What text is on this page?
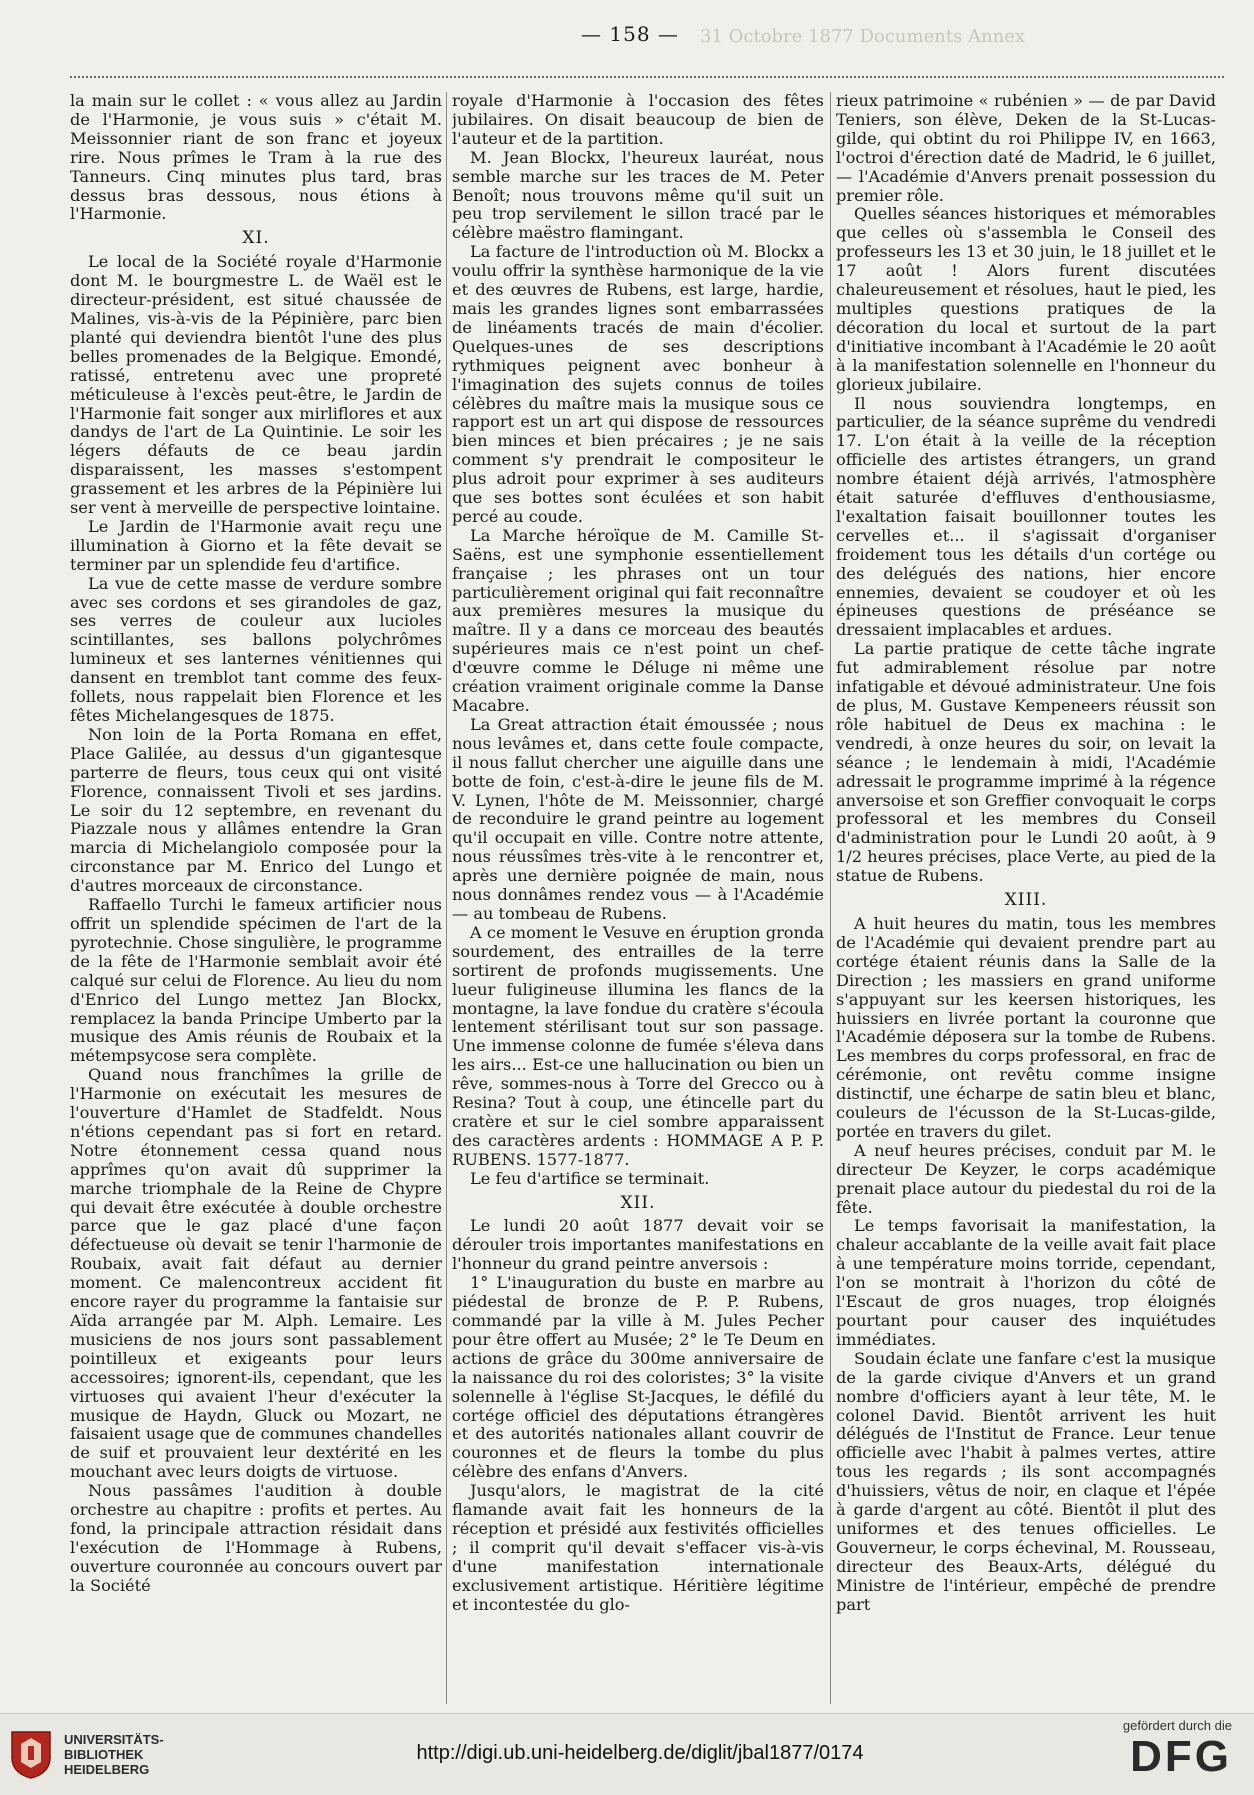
31 Octobre 1877 Documents Annex
— 158 —

la main sur le collet : « vous allez au Jardin de l'Harmonie, je vous suis » c'était M. Meissonnier riant de son franc et joyeux rire. Nous prîmes le Tram à la rue des Tanneurs. Cinq minutes plus tard, bras dessus bras dessous, nous étions à l'Harmonie.

XI.

Le local de la Société royale d'Harmonie dont M. le bourgmestre L. de Waël est le directeur-président, est situé chaussée de Malines, vis-à-vis de la Pépinière, parc bien planté qui deviendra bientôt l'une des plus belles promenades de la Belgique. Emondé, ratissé, entretenu avec une propreté méticuleuse à l'excès peut-être, le Jardin de l'Harmonie fait songer aux mirliflores et aux dandys de l'art de La Quintinie. Le soir les légers défauts de ce beau jardin disparaissent, les masses s'estompent grassement et les arbres de la Pépinière lui ser vent à merveille de perspective lointaine.

Le Jardin de l'Harmonie avait reçu une illumination à Giorno et la fête devait se terminer par un splendide feu d'artifice.

La vue de cette masse de verdure sombre avec ses cordons et ses girandoles de gaz, ses verres de couleur aux lucioles scintillantes, ses ballons polychrômes lumineux et ses lanternes vénitiennes qui dansent en tremblot tant comme des feux-follets, nous rappelait bien Florence et les fêtes Michelangesques de 1875.

Non loin de la Porta Romana en effet, Place Galilée, au dessus d'un gigantesque parterre de fleurs, tous ceux qui ont visité Florence, connaissent Tivoli et ses jardins. Le soir du 12 septembre, en revenant du Piazzale nous y allâmes entendre la Gran marcia di Michelangiolo composée pour la circonstance par M. Enrico del Lungo et d'autres morceaux de circonstance.

Raffaello Turchi le fameux artificier nous offrit un splendide spécimen de l'art de la pyrotechnie. Chose singulière, le programme de la fête de l'Harmonie semblait avoir été calqué sur celui de Florence. Au lieu du nom d'Enrico del Lungo mettez Jan Blockx, remplacez la banda Principe Umberto par la musique des Amis réunis de Roubaix et la métempsycose sera complète.

Quand nous franchîmes la grille de l'Harmonie on exécutait les mesures de l'ouverture d'Hamlet de Stadfeldt. Nous n'étions cependant pas si fort en retard. Notre étonnement cessa quand nous apprîmes qu'on avait dû supprimer la marche triomphale de la Reine de Chypre qui devait être exécutée à double orchestre parce que le gaz placé d'une façon défectueuse où devait se tenir l'harmonie de Roubaix, avait fait défaut au dernier moment. Ce malencontreux accident fit encore rayer du programme la fantaisie sur Aïda arrangée par M. Alph. Lemaire. Les musiciens de nos jours sont passablement pointilleux et exigeants pour leurs accessoires; ignorent-ils, cependant, que les virtuoses qui avaient l'heur d'exécuter la musique de Haydn, Gluck ou Mozart, ne faisaient usage que de communes chandelles de suif et prouvaient leur dextérité en les mouchant avec leurs doigts de virtuose.

Nous passâmes l'audition à double orchestre au chapitre : profits et pertes. Au fond, la principale attraction résidait dans l'exécution de l'Hommage à Rubens, ouverture couronnée au concours ouvert par la Société

royale d'Harmonie à l'occasion des fêtes jubilaires. On disait beaucoup de bien de l'auteur et de la partition.

M. Jean Blockx, l'heureux lauréat, nous semble marche sur les traces de M. Peter Benoît; nous trouvons même qu'il suit un peu trop servilement le sillon tracé par le célèbre maëstro flamingant.

La facture de l'introduction où M. Blockx a voulu offrir la synthèse harmonique de la vie et des œuvres de Rubens, est large, hardie, mais les grandes lignes sont embarrassées de linéaments tracés de main d'écolier. Quelques-unes de ses descriptions rythmiques peignent avec bonheur à l'imagination des sujets connus de toiles célèbres du maître mais la musique sous ce rapport est un art qui dispose de ressources bien minces et bien précaires ; je ne sais comment s'y prendrait le compositeur le plus adroit pour exprimer à ses auditeurs que ses bottes sont éculées et son habit percé au coude.

La Marche héroïque de M. Camille St-Saëns, est une symphonie essentiellement française ; les phrases ont un tour particulièrement original qui fait reconnaître aux premières mesures la musique du maître. Il y a dans ce morceau des beautés supérieures mais ce n'est point un chef-d'œuvre comme le Déluge ni même une création vraiment originale comme la Danse Macabre.

La Great attraction était émoussée ; nous nous levâmes et, dans cette foule compacte, il nous fallut chercher une aiguille dans une botte de foin, c'est-à-dire le jeune fils de M. V. Lynen, l'hôte de M. Meissonnier, chargé de reconduire le grand peintre au logement qu'il occupait en ville. Contre notre attente, nous réussîmes très-vite à le rencontrer et, après une dernière poignée de main, nous nous donnâmes rendez vous — à l'Académie — au tombeau de Rubens.

A ce moment le Vesuve en éruption gronda sourdement, des entrailles de la terre sortirent de profonds mugissements. Une lueur fuligineuse illumina les flancs de la montagne, la lave fondue du cratère s'écoula lentement stérilisant tout sur son passage. Une immense colonne de fumée s'éleva dans les airs... Est-ce une hallucination ou bien un rêve, sommes-nous à Torre del Grecco ou à Resina? Tout à coup, une étincelle part du cratère et sur le ciel sombre apparaissent des caractères ardents : HOMMAGE A P. P. RUBENS. 1577-1877.

Le feu d'artifice se terminait.

XII.

Le lundi 20 août 1877 devait voir se dérouler trois importantes manifestations en l'honneur du grand peintre anversois :

1° L'inauguration du buste en marbre au piédestal de bronze de P. P. Rubens, commandé par la ville à M. Jules Pecher pour être offert au Musée; 2° le Te Deum en actions de grâce du 300me anniversaire de la naissance du roi des coloristes; 3° la visite solennelle à l'église St-Jacques, le défilé du cortége officiel des députations étrangères et des autorités nationales allant couvrir de couronnes et de fleurs la tombe du plus célèbre des enfans d'Anvers.

Jusqu'alors, le magistrat de la cité flamande avait fait les honneurs de la réception et présidé aux festivités officielles ; il comprit qu'il devait s'effacer vis-à-vis d'une manifestation internationale exclusivement artistique. Héritière légitime et incontestée du glo-

rieux patrimoine « rubénien » — de par David Teniers, son élève, Deken de la St-Lucas-gilde, qui obtint du roi Philippe IV, en 1663, l'octroi d'érection daté de Madrid, le 6 juillet, — l'Académie d'Anvers prenait possession du premier rôle.

Quelles séances historiques et mémorables que celles où s'assembla le Conseil des professeurs les 13 et 30 juin, le 18 juillet et le 17 août ! Alors furent discutées chaleureusement et résolues, haut le pied, les multiples questions pratiques de la décoration du local et surtout de la part d'initiative incombant à l'Académie le 20 août à la manifestation solennelle en l'honneur du glorieux jubilaire.

Il nous souviendra longtemps, en particulier, de la séance suprême du vendredi 17. L'on était à la veille de la réception officielle des artistes étrangers, un grand nombre étaient déjà arrivés, l'atmosphère était saturée d'effluves d'enthousiasme, l'exaltation faisait bouillonner toutes les cervelles et... il s'agissait d'organiser froidement tous les détails d'un cortége ou des delégués des nations, hier encore ennemies, devaient se coudoyer et où les épineuses questions de préséance se dressaient implacables et ardues.

La partie pratique de cette tâche ingrate fut admirablement résolue par notre infatigable et dévoué administrateur. Une fois de plus, M. Gustave Kempeneers réussit son rôle habituel de Deus ex machina : le vendredi, à onze heures du soir, on levait la séance ; le lendemain à midi, l'Académie adressait le programme imprimé à la régence anversoise et son Greffier convoquait le corps professoral et les membres du Conseil d'administration pour le Lundi 20 août, à 9 1/2 heures précises, place Verte, au pied de la statue de Rubens.

XIII.

A huit heures du matin, tous les membres de l'Académie qui devaient prendre part au cortége étaient réunis dans la Salle de la Direction ; les massiers en grand uniforme s'appuyant sur les keersen historiques, les huissiers en livrée portant la couronne que l'Académie déposera sur la tombe de Rubens. Les membres du corps professoral, en frac de cérémonie, ont revêtu comme insigne distinctif, une écharpe de satin bleu et blanc, couleurs de l'écusson de la St-Lucas-gilde, portée en travers du gilet.

A neuf heures précises, conduit par M. le directeur De Keyzer, le corps académique prenait place autour du piedestal du roi de la fête.

Le temps favorisait la manifestation, la chaleur accablante de la veille avait fait place à une température moins torride, cependant, l'on se montrait à l'horizon du côté de l'Escaut de gros nuages, trop éloignés pourtant pour causer des inquiétudes immédiates.

Soudain éclate une fanfare c'est la musique de la garde civique d'Anvers et un grand nombre d'officiers ayant à leur tête, M. le colonel David. Bientôt arrivent les huit délégués de l'Institut de France. Leur tenue officielle avec l'habit à palmes vertes, attire tous les regards ; ils sont accompagnés d'huissiers, vêtus de noir, en claque et l'épée à garde d'argent au côté. Bientôt il plut des uniformes et des tenues officielles. Le Gouverneur, le corps échevinal, M. Rousseau, directeur des Beaux-Arts, délégué du Ministre de l'intérieur, empêché de prendre part

UNIVERSITÄTS-
BIBLIOTHEK
HEIDELBERG
http://digi.ub.uni-heidelberg.de/diglit/jbal1877/0174
gefördert durch die
DFG
